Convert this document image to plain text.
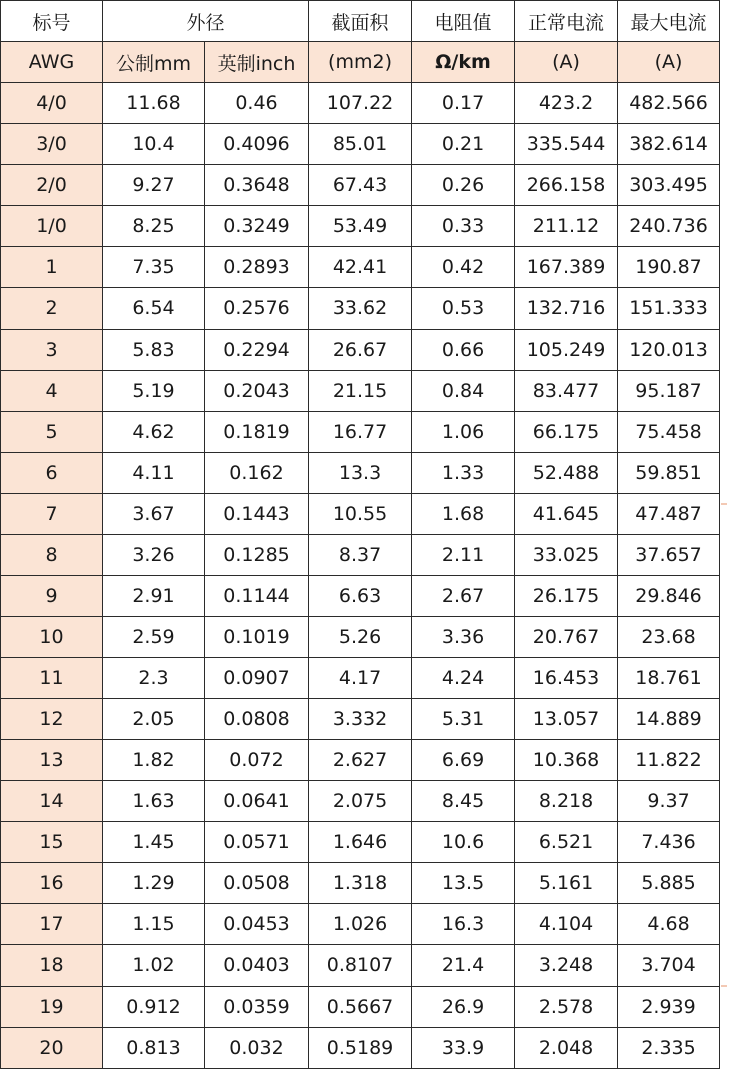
标号	外径		截面积	电阻值	正常电流	最大电流
AWG	公制mm	英制inch	(mm2)	Ω/km	(A)	(A)
4/0	11.68	0.46	107.22	0.17	423.2	482.566
3/0	10.4	0.4096	85.01	0.21	335.544	382.614
2/0	9.27	0.3648	67.43	0.26	266.158	303.495
1/0	8.25	0.3249	53.49	0.33	211.12	240.736
1	7.35	0.2893	42.41	0.42	167.389	190.87
2	6.54	0.2576	33.62	0.53	132.716	151.333
3	5.83	0.2294	26.67	0.66	105.249	120.013
4	5.19	0.2043	21.15	0.84	83.477	95.187
5	4.62	0.1819	16.77	1.06	66.175	75.458
6	4.11	0.162	13.3	1.33	52.488	59.851
7	3.67	0.1443	10.55	1.68	41.645	47.487
8	3.26	0.1285	8.37	2.11	33.025	37.657
9	2.91	0.1144	6.63	2.67	26.175	29.846
10	2.59	0.1019	5.26	3.36	20.767	23.68
11	2.3	0.0907	4.17	4.24	16.453	18.761
12	2.05	0.0808	3.332	5.31	13.057	14.889
13	1.82	0.072	2.627	6.69	10.368	11.822
14	1.63	0.0641	2.075	8.45	8.218	9.37
15	1.45	0.0571	1.646	10.6	6.521	7.436
16	1.29	0.0508	1.318	13.5	5.161	5.885
17	1.15	0.0453	1.026	16.3	4.104	4.68
18	1.02	0.0403	0.8107	21.4	3.248	3.704
19	0.912	0.0359	0.5667	26.9	2.578	2.939
20	0.813	0.032	0.5189	33.9	2.048	2.335
